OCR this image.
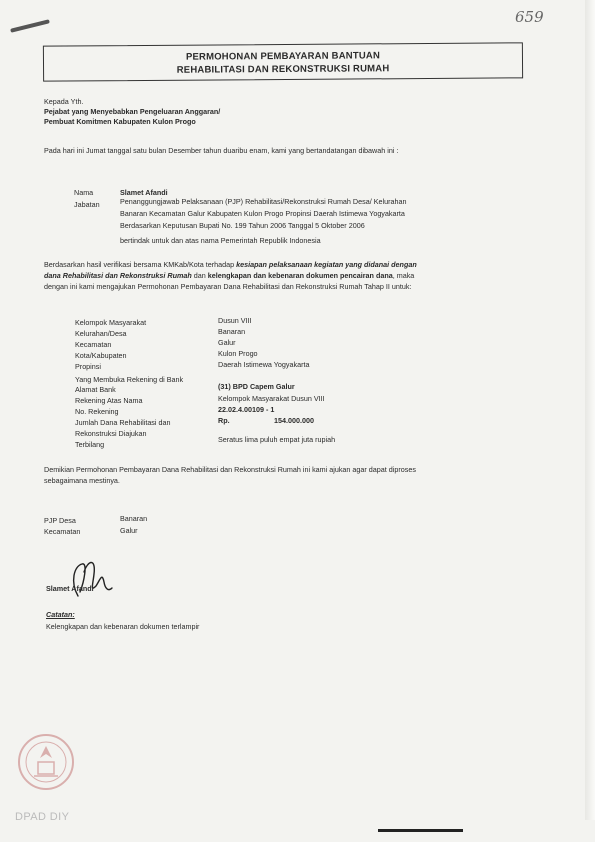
659
PERMOHONAN PEMBAYARAN BANTUAN
REHABILITASI DAN REKONSTRUKSI RUMAH
Kepada Yth.
Pejabat yang Menyebabkan Pengeluaran Anggaran/
Pembuat Komitmen Kabupaten Kulon Progo
Pada hari ini Jumat tanggal satu bulan Desember tahun duaribu enam, kami yang bertandatangan dibawah ini :
Nama	Slamet Afandi
Jabatan	Penanggungjawab Pelaksanaan (PJP) Rehabilitasi/Rekonstruksi Rumah Desa/ Kelurahan
Banaran Kecamatan Galur Kabupaten Kulon Progo Propinsi Daerah Istimewa Yogyakarta
Berdasarkan Keputusan Bupati No. 199 Tahun 2006 Tanggal 5 Oktober 2006
bertindak untuk dan atas nama Pemerintah Republik Indonesia
Berdasarkan hasil verifikasi bersama KMKab/Kota terhadap kesiapan pelaksanaan kegiatan yang didanai dengan
dana Rehabilitasi dan Rekonstruksi Rumah dan kelengkapan dan kebenaran dokumen pencairan dana, maka
dengan ini kami mengajukan Permohonan Pembayaran Dana Rehabilitasi dan Rekonstruksi Rumah Tahap II untuk:
Kelompok Masyarakat	Dusun VIII
Kelurahan/Desa	Banaran
Kecamatan	Galur
Kota/Kabupaten	Kulon Progo
Propinsi	Daerah Istimewa Yogyakarta
Yang Membuka Rekening di Bank
Alamat Bank	(31) BPD Capem Galur
Rekening Atas Nama	Kelompok Masyarakat Dusun VIII
No. Rekening	22.02.4.00109 - 1
Jumlah Dana Rehabilitasi dan	Rp.	154.000.000
Rekonstruksi Diajukan
Terbilang
Seratus lima puluh empat juta rupiah
Demikian Permohonan Pembayaran Dana Rehabilitasi dan Rekonstruksi Rumah ini kami ajukan agar dapat diproses
sebagaimana mestinya.
PJP Desa	Banaran
Kecamatan	Galur
Slamet Afandi
Catatan:
Kelengkapan dan kebenaran dokumen terlampir
DPAD DIY
